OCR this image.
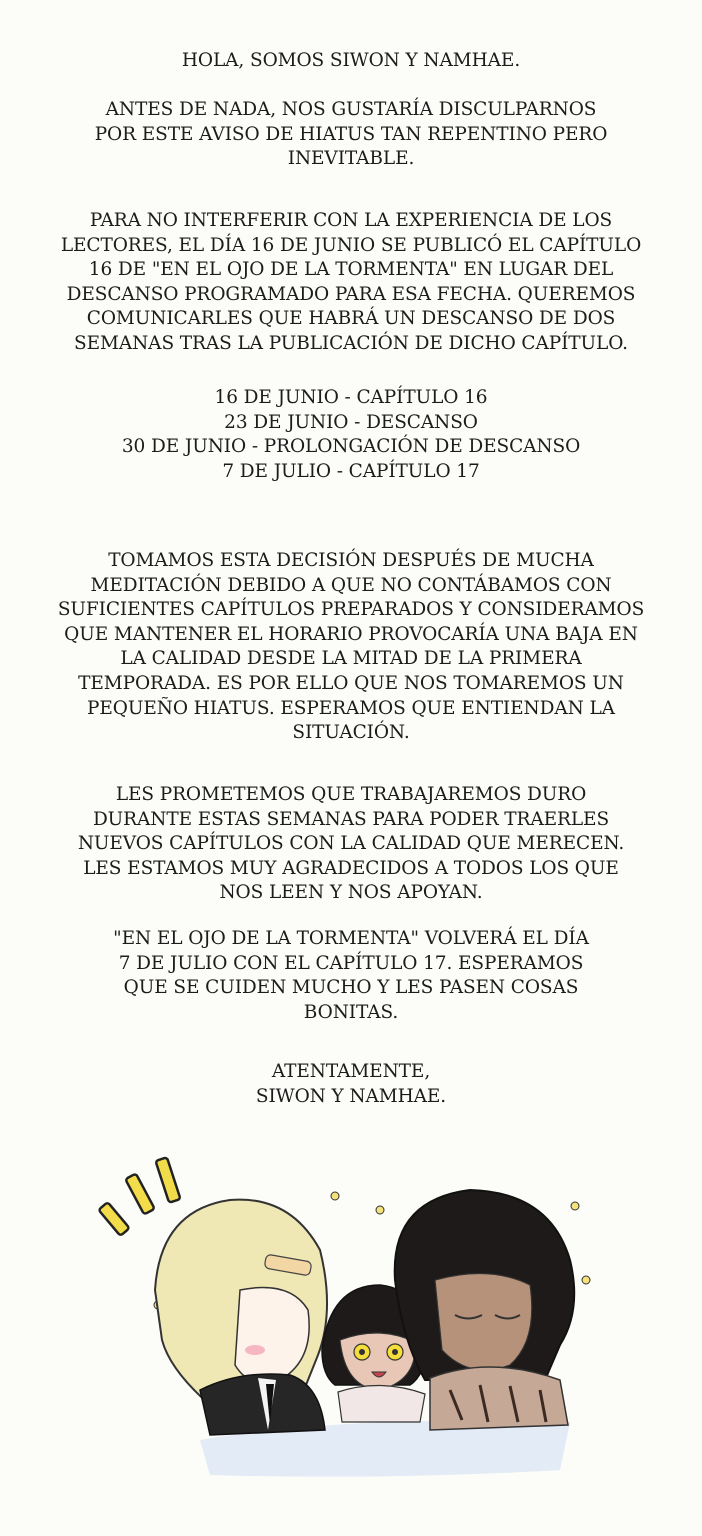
HOLA, SOMOS SIWON Y NAMHAE.

ANTES DE NADA, NOS GUSTARÍA DISCULPARNOS
POR ESTE AVISO DE HIATUS TAN REPENTINO PERO
INEVITABLE.

PARA NO INTERFERIR CON LA EXPERIENCIA DE LOS
LECTORES, EL DÍA 16 DE JUNIO SE PUBLICÓ EL CAPÍTULO
16 DE "EN EL OJO DE LA TORMENTA" EN LUGAR DEL
DESCANSO PROGRAMADO PARA ESA FECHA. QUEREMOS
COMUNICARLES QUE HABRÁ UN DESCANSO DE DOS
SEMANAS TRAS LA PUBLICACIÓN DE DICHO CAPÍTULO.

16 DE JUNIO - CAPÍTULO 16
23 DE JUNIO - DESCANSO
30 DE JUNIO - PROLONGACIÓN DE DESCANSO
7 DE JULIO - CAPÍTULO 17

TOMAMOS ESTA DECISIÓN DESPUÉS DE MUCHA
MEDITACIÓN DEBIDO A QUE NO CONTÁBAMOS CON
SUFICIENTES CAPÍTULOS PREPARADOS Y CONSIDERAMOS
QUE MANTENER EL HORARIO PROVOCARÍA UNA BAJA EN
LA CALIDAD DESDE LA MITAD DE LA PRIMERA
TEMPORADA. ES POR ELLO QUE NOS TOMAREMOS UN
PEQUEÑO HIATUS. ESPERAMOS QUE ENTIENDAN LA
SITUACIÓN.

LES PROMETEMOS QUE TRABAJAREMOS DURO
DURANTE ESTAS SEMANAS PARA PODER TRAERLES
NUEVOS CAPÍTULOS CON LA CALIDAD QUE MERECEN.
LES ESTAMOS MUY AGRADECIDOS A TODOS LOS QUE
NOS LEEN Y NOS APOYAN.

"EN EL OJO DE LA TORMENTA" VOLVERÁ EL DÍA
7 DE JULIO CON EL CAPÍTULO 17. ESPERAMOS
QUE SE CUIDEN MUCHO Y LES PASEN COSAS
BONITAS.

ATENTAMENTE,
SIWON Y NAMHAE.
